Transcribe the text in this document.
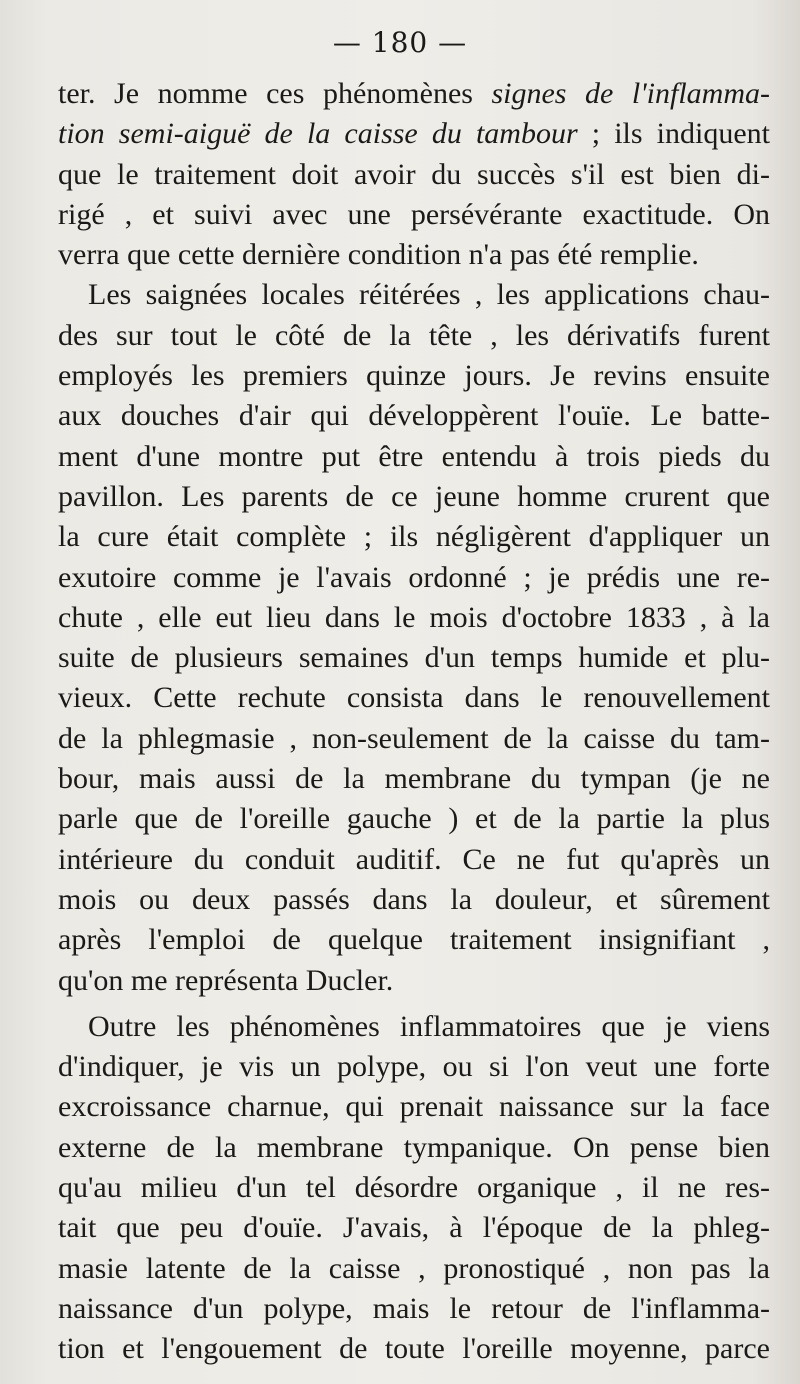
— 180 —
ter. Je nomme ces phénomènes signes de l'inflamma-
tion semi-aiguë de la caisse du tambour ; ils indiquent
que le traitement doit avoir du succès s'il est bien di-
rigé , et suivi avec une persévérante exactitude. On
verra que cette dernière condition n'a pas été remplie.
Les saignées locales réitérées , les applications chau-
des sur tout le côté de la tête , les dérivatifs furent
employés les premiers quinze jours. Je revins ensuite
aux douches d'air qui développèrent l'ouïe. Le batte-
ment d'une montre put être entendu à trois pieds du
pavillon. Les parents de ce jeune homme crurent que
la cure était complète ; ils négligèrent d'appliquer un
exutoire comme je l'avais ordonné ; je prédis une re-
chute , elle eut lieu dans le mois d'octobre 1833 , à la
suite de plusieurs semaines d'un temps humide et plu-
vieux. Cette rechute consista dans le renouvellement
de la phlegmasie , non-seulement de la caisse du tam-
bour, mais aussi de la membrane du tympan (je ne
parle que de l'oreille gauche ) et de la partie la plus
intérieure du conduit auditif. Ce ne fut qu'après un
mois ou deux passés dans la douleur, et sûrement
après l'emploi de quelque traitement insignifiant ,
qu'on me représenta Ducler.
Outre les phénomènes inflammatoires que je viens
d'indiquer, je vis un polype, ou si l'on veut une forte
excroissance charnue, qui prenait naissance sur la face
externe de la membrane tympanique. On pense bien
qu'au milieu d'un tel désordre organique , il ne res-
tait que peu d'ouïe. J'avais, à l'époque de la phleg-
masie latente de la caisse , pronostiqué , non pas la
naissance d'un polype, mais le retour de l'inflamma-
tion et l'engouement de toute l'oreille moyenne, parce
